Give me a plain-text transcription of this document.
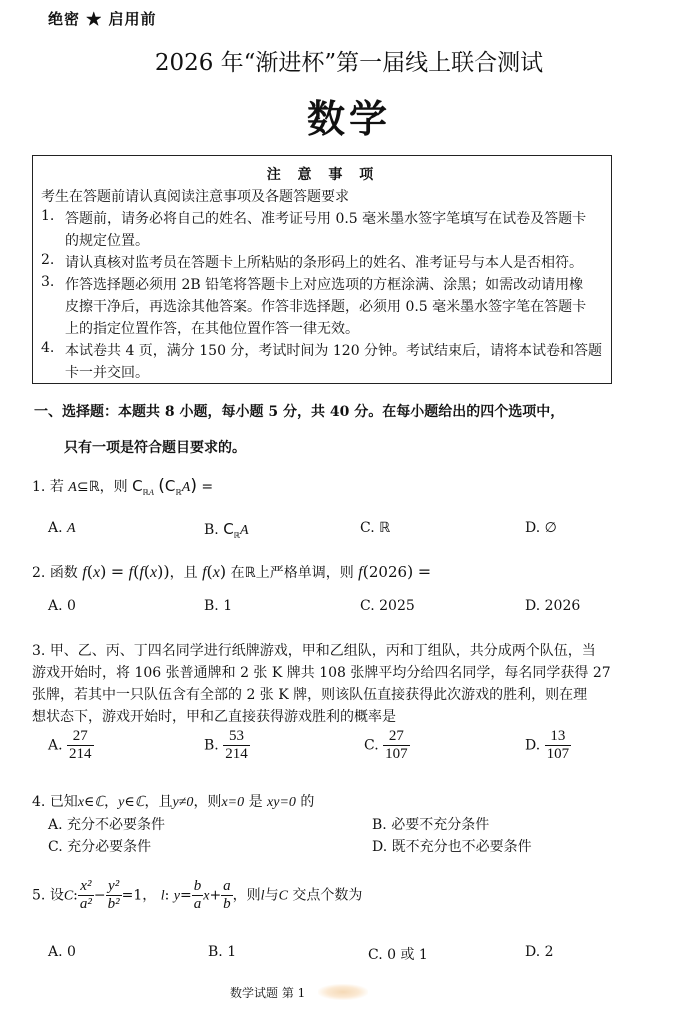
绝密 ★ 启用前
2026 年“渐进杯”第一届线上联合测试
数学
注 意 事 项
考生在答题前请认真阅读注意事项及各题答题要求
1. 答题前，请务必将自己的姓名、准考证号用 0.5 毫米墨水签字笔填写在试卷及答题卡
的规定位置。
2. 请认真核对监考员在答题卡上所粘贴的条形码上的姓名、准考证号与本人是否相符。
3. 作答选择题必须用 2B 铅笔将答题卡上对应选项的方框涂满、涂黑；如需改动请用橡
皮擦干净后，再选涂其他答案。作答非选择题，必须用 0.5 毫米墨水签字笔在答题卡
上的指定位置作答，在其他位置作答一律无效。
4. 本试卷共 4 页，满分 150 分，考试时间为 120 分钟。考试结束后，请将本试卷和答题
卡一并交回。
一、选择题：本题共 8 小题，每小题 5 分，共 40 分。在每小题给出的四个选项中，
只有一项是符合题目要求的。
1. 若 A⊆ℝ，则 $C_{ℝA}$ $(C_ℝA)$ =
A. A	B. $C_ℝA$	C. ℝ	D. ∅
2. 函数 f(x) = f(f(x))，且 f(x) 在ℝ上严格单调，则 f(2026) =
A. 0	B. 1	C. 2025	D. 2026
3. 甲、乙、丙、丁四名同学进行纸牌游戏，甲和乙组队，丙和丁组队，共分成两个队伍，当
游戏开始时，将 106 张普通牌和 2 张 K 牌共 108 张牌平均分给四名同学，每名同学获得 27
张牌，若其中一只队伍含有全部的 2 张 K 牌，则该队伍直接获得此次游戏的胜利，则在理
想状态下，游戏开始时，甲和乙直接获得游戏胜利的概率是
A. $\frac{27}{214}$	B. $\frac{53}{214}$	C. $\frac{27}{107}$	D. $\frac{13}{107}$
4. 已知x∈ℂ，y∈ℂ，且y≠0，则x=0 是 xy=0 的
A. 充分不必要条件	B. 必要不充分条件
C. 充分必要条件	D. 既不充分也不必要条件
5. 设C: $\frac{\text{x²}}{\text{a²}} - \frac{\text{y²}}{\text{b²}} =1$， l: $y= \frac{b}{a} x+ \frac{a}{b}$ ，则l与C 交点个数为
A. 0	B. 1	C. 0 或 1	D. 2
数学试题 第 1
